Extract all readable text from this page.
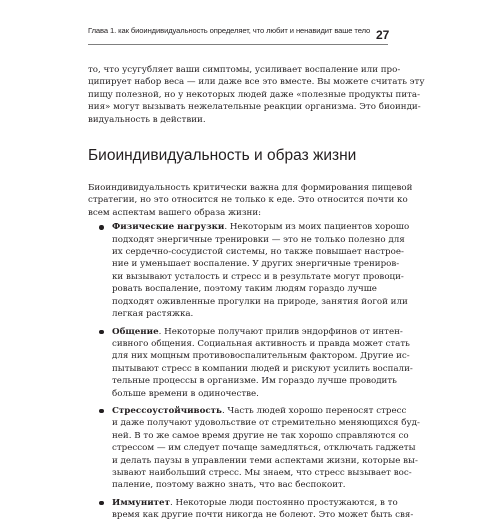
Глава 1. как биоиндивидуальность определяет, что любит и ненавидит ваше тело 27

то, что усугубляет ваши симптомы, усиливает воспаление или про-
ципирует набор веса — или даже все это вместе. Вы можете считать эту
пищу полезной, но у некоторых людей даже «полезные продукты пита-
ния» могут вызывать нежелательные реакции организма. Это биоинди-
видуальность в действии.

Биоиндивидуальность и образ жизни

Биоиндивидуальность критически важна для формирования пищевой
стратегии, но это относится не только к еде. Это относится почти ко
всем аспектам вашего образа жизни:

Физические нагрузки. Некоторым из моих пациентов хорошо
подходят энергичные тренировки — это не только полезно для
их сердечно-сосудистой системы, но также повышает настрое-
ние и уменьшает воспаление. У других энергичные трениров-
ки вызывают усталость и стресс и в результате могут провоци-
ровать воспаление, поэтому таким людям гораздо лучше
подходят оживленные прогулки на природе, занятия йогой или
легкая растяжка.
Общение. Некоторые получают прилив эндорфинов от интен-
сивного общения. Социальная активность и правда может стать
для них мощным противовоспалительным фактором. Другие ис-
пытывают стресс в компании людей и рискуют усилить воспали-
тельные процессы в организме. Им гораздо лучше проводить
больше времени в одиночестве.
Стрессоустойчивость. Часть людей хорошо переносят стресс
и даже получают удовольствие от стремительно меняющихся буд-
ней. В то же самое время другие не так хорошо справляются со
стрессом — им следует почаще замедляться, отключать гаджеты
и делать паузы в управлении теми аспектами жизни, которые вы-
зывают наибольший стресс. Мы знаем, что стресс вызывает вос-
паление, поэтому важно знать, что вас беспокоит.
Иммунитет. Некоторые люди постоянно простужаются, в то
время как другие почти никогда не болеют. Это может быть свя-
